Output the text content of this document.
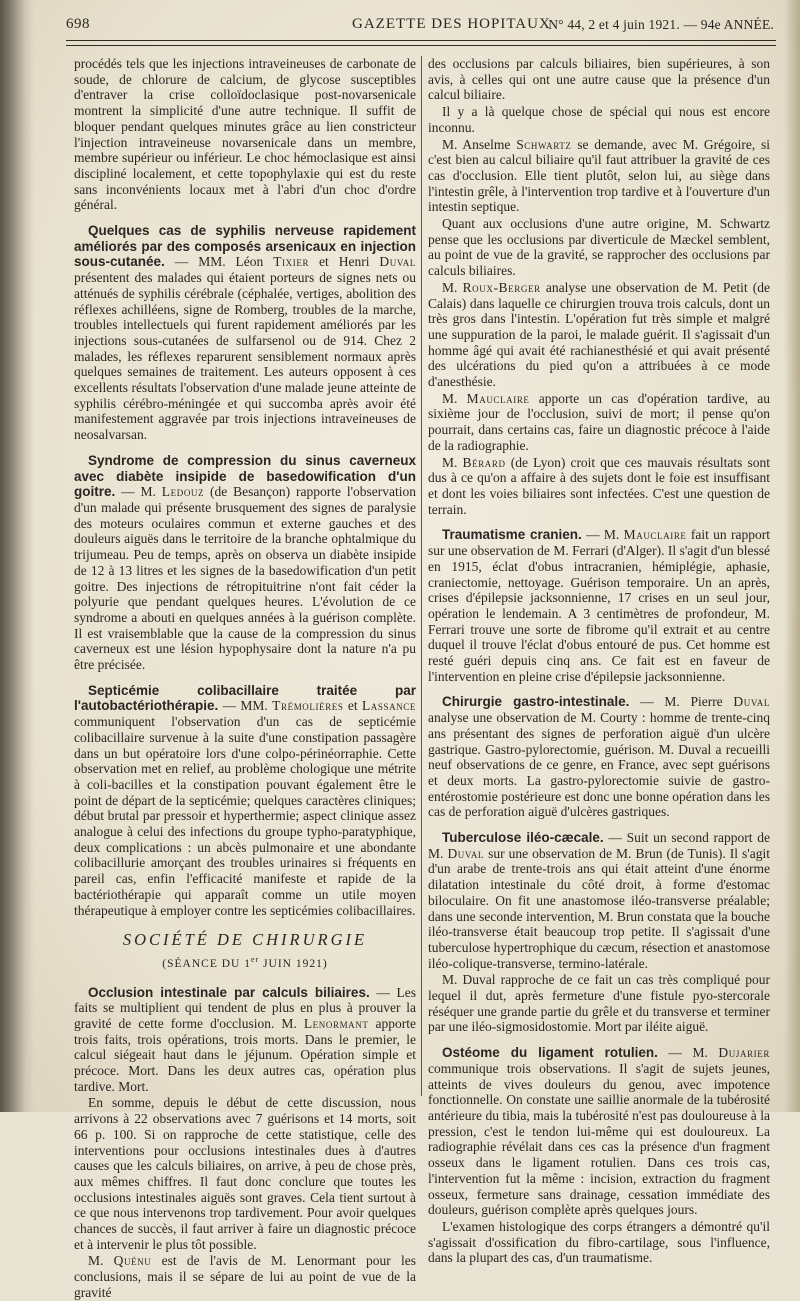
698	GAZETTE DES HOPITAUX
N° 44, 2 et 4 juin 1921. — 94e ANNÉE.

procédés tels que les injections intraveineuses de carbonate de soude, de chlorure de calcium, de glycose susceptibles d'entraver la crise colloïdoclasique post-novarsenicale montrent la simplicité d'une autre technique. Il suffit de bloquer pendant quelques minutes grâce au lien constricteur l'injection intraveineuse novarsenicale dans un membre, membre supérieur ou inférieur. Le choc hémoclasique est ainsi discipliné localement, et cette topophylaxie qui est du reste sans inconvénients locaux met à l'abri d'un choc d'ordre général.

Quelques cas de syphilis nerveuse rapidement améliorés par des composés arsenicaux en injection sous-cutanée. — MM. Léon Tixier et Henri Duval présentent des malades qui étaient porteurs de signes nets ou atténués de syphilis cérébrale (céphalée, vertiges, abolition des réflexes achilléens, signe de Romberg, troubles de la marche, troubles intellectuels qui furent rapidement améliorés par les injections sous-cutanées de sulfarsenol ou de 914. Chez 2 malades, les réflexes reparurent sensiblement normaux après quelques semaines de traitement. Les auteurs opposent à ces excellents résultats l'observation d'une malade jeune atteinte de syphilis cérébro-méningée et qui succomba après avoir été manifestement aggravée par trois injections intraveineuses de neosalvarsan.

Syndrome de compression du sinus caverneux avec diabète insipide de basedowification d'un goitre. — M. Ledouz (de Besançon) rapporte l'observation d'un malade qui présente brusquement des signes de paralysie des moteurs oculaires commun et externe gauches et des douleurs aiguës dans le territoire de la branche ophtalmique du trijumeau. Peu de temps, après on observa un diabète insipide de 12 à 13 litres et les signes de la basedowification d'un petit goitre. Des injections de rétropituitrine n'ont fait céder la polyurie que pendant quelques heures. L'évolution de ce syndrome a abouti en quelques années à la guérison complète. Il est vraisemblable que la cause de la compression du sinus caverneux est une lésion hypophysaire dont la nature n'a pu être précisée.

Septicémie colibacillaire traitée par l'autobactériothérapie. — MM. Trémolières et Lassance communiquent l'observation d'un cas de septicémie colibacillaire survenue à la suite d'une constipation passagère dans un but opératoire lors d'une colpo-périnéorraphie. Cette observation met en relief, au problème chologique une métrite à coli-bacilles et la constipation pouvant également être le point de départ de la septicémie; quelques caractères cliniques; début brutal par pressoir et hyperthermie; aspect clinique assez analogue à celui des infections du groupe typho-paratyphique, deux complications : un abcès pulmonaire et une abondante colibacillurie amorçant des troubles urinaires si fréquents en pareil cas, enfin l'efficacité manifeste et rapide de la bactériothérapie qui apparaît comme un utile moyen thérapeutique à employer contre les septicémies colibacillaires.

SOCIÉTÉ DE CHIRURGIE

(SÉANCE DU 1er JUIN 1921)

Occlusion intestinale par calculs biliaires. — Les faits se multiplient qui tendent de plus en plus à prouver la gravité de cette forme d'occlusion. M. Lenormant apporte trois faits, trois opérations, trois morts. Dans le premier, le calcul siégeait haut dans le jéjunum. Opération simple et précoce. Mort. Dans les deux autres cas, opération plus tardive. Mort.

En somme, depuis le début de cette discussion, nous arrivons à 22 observations avec 7 guérisons et 14 morts, soit 66 p. 100. Si on rapproche de cette statistique, celle des interventions pour occlusions intestinales dues à d'autres causes que les calculs biliaires, on arrive, à peu de chose près, aux mêmes chiffres. Il faut donc conclure que toutes les occlusions intestinales aiguës sont graves. Cela tient surtout à ce que nous intervenons trop tardivement. Pour avoir quelques chances de succès, il faut arriver à faire un diagnostic précoce et à intervenir le plus tôt possible.

M. Quénu est de l'avis de M. Lenormant pour les conclusions, mais il se sépare de lui au point de vue de la gravité

des occlusions par calculs biliaires, bien supérieures, à son avis, à celles qui ont une autre cause que la présence d'un calcul biliaire.

Il y a là quelque chose de spécial qui nous est encore inconnu.

M. Anselme Schwartz se demande, avec M. Grégoire, si c'est bien au calcul biliaire qu'il faut attribuer la gravité de ces cas d'occlusion. Elle tient plutôt, selon lui, au siège dans l'intestin grêle, à l'intervention trop tardive et à l'ouverture d'un intestin septique.

Quant aux occlusions d'une autre origine, M. Schwartz pense que les occlusions par diverticule de Mæckel semblent, au point de vue de la gravité, se rapprocher des occlusions par calculs biliaires.

M. Roux-Berger analyse une observation de M. Petit (de Calais) dans laquelle ce chirurgien trouva trois calculs, dont un très gros dans l'intestin. L'opération fut très simple et malgré une suppuration de la paroi, le malade guérit. Il s'agissait d'un homme âgé qui avait été rachianesthésié et qui avait présenté des ulcérations du pied qu'on a attribuées à ce mode d'anesthésie.

M. Mauclaire apporte un cas d'opération tardive, au sixième jour de l'occlusion, suivi de mort; il pense qu'on pourrait, dans certains cas, faire un diagnostic précoce à l'aide de la radiographie.

M. Bérard (de Lyon) croit que ces mauvais résultats sont dus à ce qu'on a affaire à des sujets dont le foie est insuffisant et dont les voies biliaires sont infectées. C'est une question de terrain.

Traumatisme cranien. — M. Mauclaire fait un rapport sur une observation de M. Ferrari (d'Alger). Il s'agit d'un blessé en 1915, éclat d'obus intracranien, hémiplégie, aphasie, craniectomie, nettoyage. Guérison temporaire. Un an après, crises d'épilepsie jacksonnienne, 17 crises en un seul jour, opération le lendemain. A 3 centimètres de profondeur, M. Ferrari trouve une sorte de fibrome qu'il extrait et au centre duquel il trouve l'éclat d'obus entouré de pus. Cet homme est resté guéri depuis cinq ans. Ce fait est en faveur de l'intervention en pleine crise d'épilepsie jacksonnienne.

Chirurgie gastro-intestinale. — M. Pierre Duval analyse une observation de M. Courty : homme de trente-cinq ans présentant des signes de perforation aiguë d'un ulcère gastrique. Gastro-pylorectomie, guérison. M. Duval a recueilli neuf observations de ce genre, en France, avec sept guérisons et deux morts. La gastro-pylorectomie suivie de gastro-entérostomie postérieure est donc une bonne opération dans les cas de perforation aiguë d'ulcères gastriques.

Tuberculose iléo-cæcale. — Suit un second rapport de M. Duval sur une observation de M. Brun (de Tunis). Il s'agit d'un arabe de trente-trois ans qui était atteint d'une énorme dilatation intestinale du côté droit, à forme d'estomac biloculaire. On fit une anastomose iléo-transverse préalable; dans une seconde intervention, M. Brun constata que la bouche iléo-transverse était beaucoup trop petite. Il s'agissait d'une tuberculose hypertrophique du cæcum, résection et anastomose iléo-colique-transverse, termino-latérale.

M. Duval rapproche de ce fait un cas très compliqué pour lequel il dut, après fermeture d'une fistule pyo-stercorale réséquer une grande partie du grêle et du transverse et terminer par une iléo-sigmosidostomie. Mort par iléite aiguë.

Ostéome du ligament rotulien. — M. Dujarier communique trois observations. Il s'agit de sujets jeunes, atteints de vives douleurs du genou, avec impotence fonctionnelle. On constate une saillie anormale de la tubérosité antérieure du tibia, mais la tubérosité n'est pas douloureuse à la pression, c'est le tendon lui-même qui est douloureux. La radiographie révélait dans ces cas la présence d'un fragment osseux dans le ligament rotulien. Dans ces trois cas, l'intervention fut la même : incision, extraction du fragment osseux, fermeture sans drainage, cessation immédiate des douleurs, guérison complète après quelques jours.

L'examen histologique des corps étrangers a démontré qu'il s'agissait d'ossification du fibro-cartilage, sous l'influence, dans la plupart des cas, d'un traumatisme.
